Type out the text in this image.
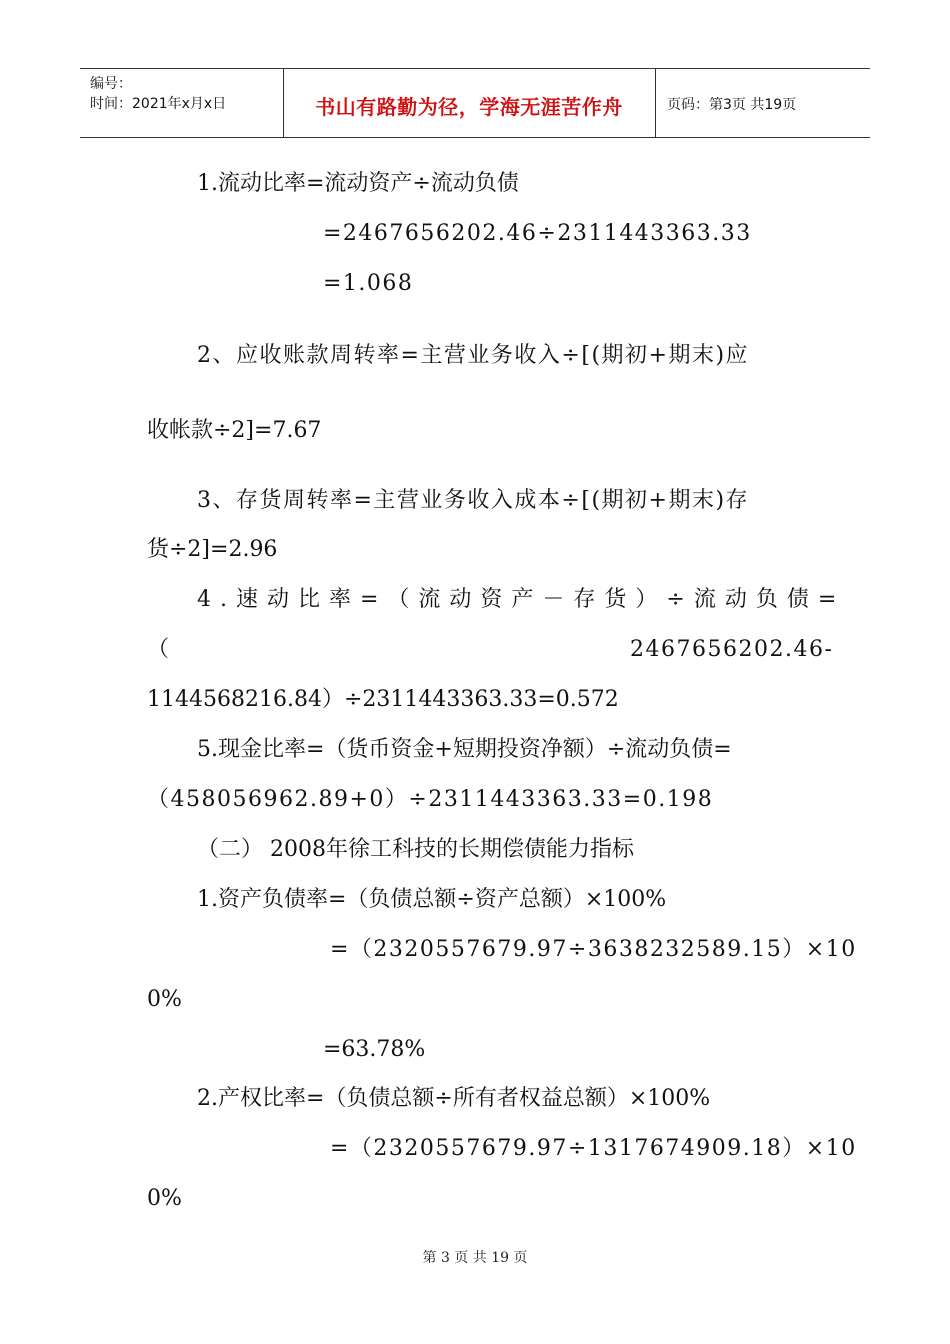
编号：
时间：2021年x月x日	书山有路勤为径，学海无涯苦作舟	页码：第3页 共19页
1.流动比率=流动资产÷流动负债
=2467656202.46÷2311443363.33
=1.068
2、应收账款周转率=主营业务收入÷[(期初+期末)应
收帐款÷2]=7.67
3、存货周转率=主营业务收入成本÷[(期初+期末)存
货÷2]=2.96
4.速动比率=（流动资产－存货）÷流动负债=
（	2467656202.46-
1144568216.84）÷2311443363.33=0.572
5.现金比率=（货币资金+短期投资净额）÷流动负债=
（458056962.89+0）÷2311443363.33=0.198
（二） 2008年徐工科技的长期偿债能力指标
1.资产负债率=（负债总额÷资产总额）×100%
=（2320557679.97÷3638232589.15）×10
0%
=63.78%
2.产权比率=（负债总额÷所有者权益总额）×100%
=（2320557679.97÷1317674909.18）×10
0%
第 3 页 共 19 页
